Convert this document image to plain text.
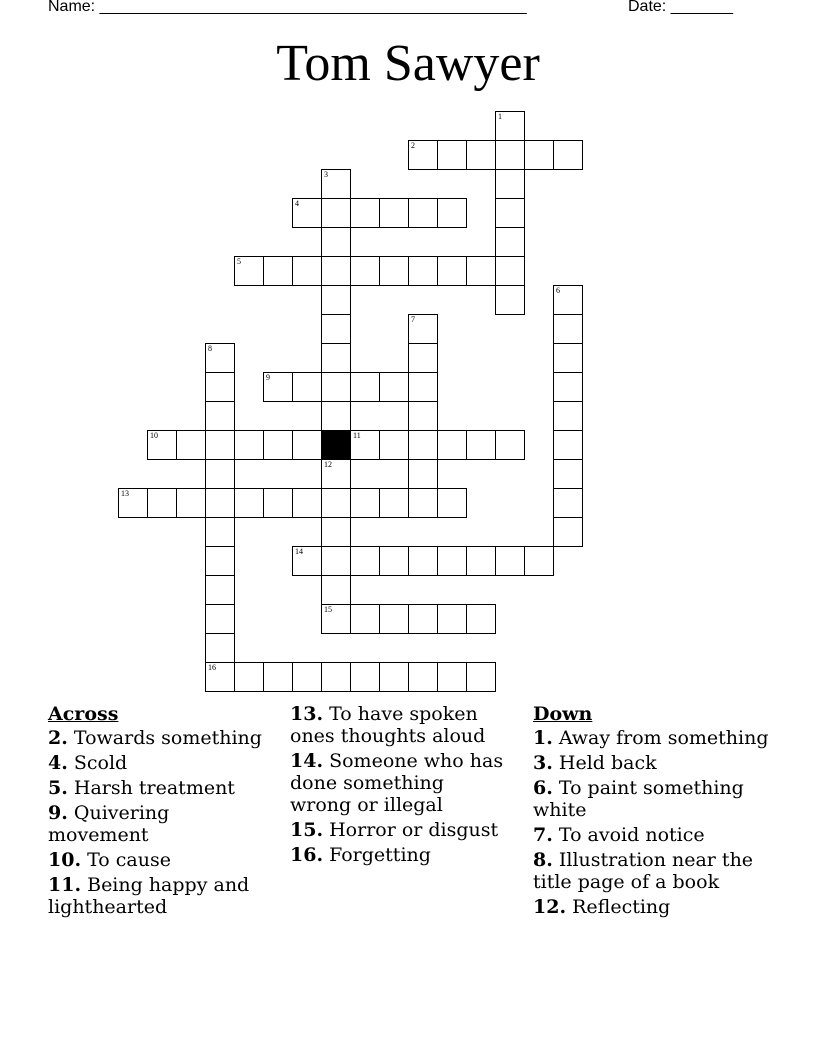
Name: ________________________________________________	Date: _______
Tom Sawyer
1
2
3
4
5
6
7
8
16
9
10	11
12
13
14
15
Across
2. Towards something
4. Scold
5. Harsh treatment
9. Quivering movement
10. To cause
11. Being happy and lighthearted
13. To have spoken ones thoughts aloud
14. Someone who has done something wrong or illegal
15. Horror or disgust
16. Forgetting
Down
1. Away from something
3. Held back
6. To paint something white
7. To avoid notice
8. Illustration near the title page of a book
12. Reflecting
